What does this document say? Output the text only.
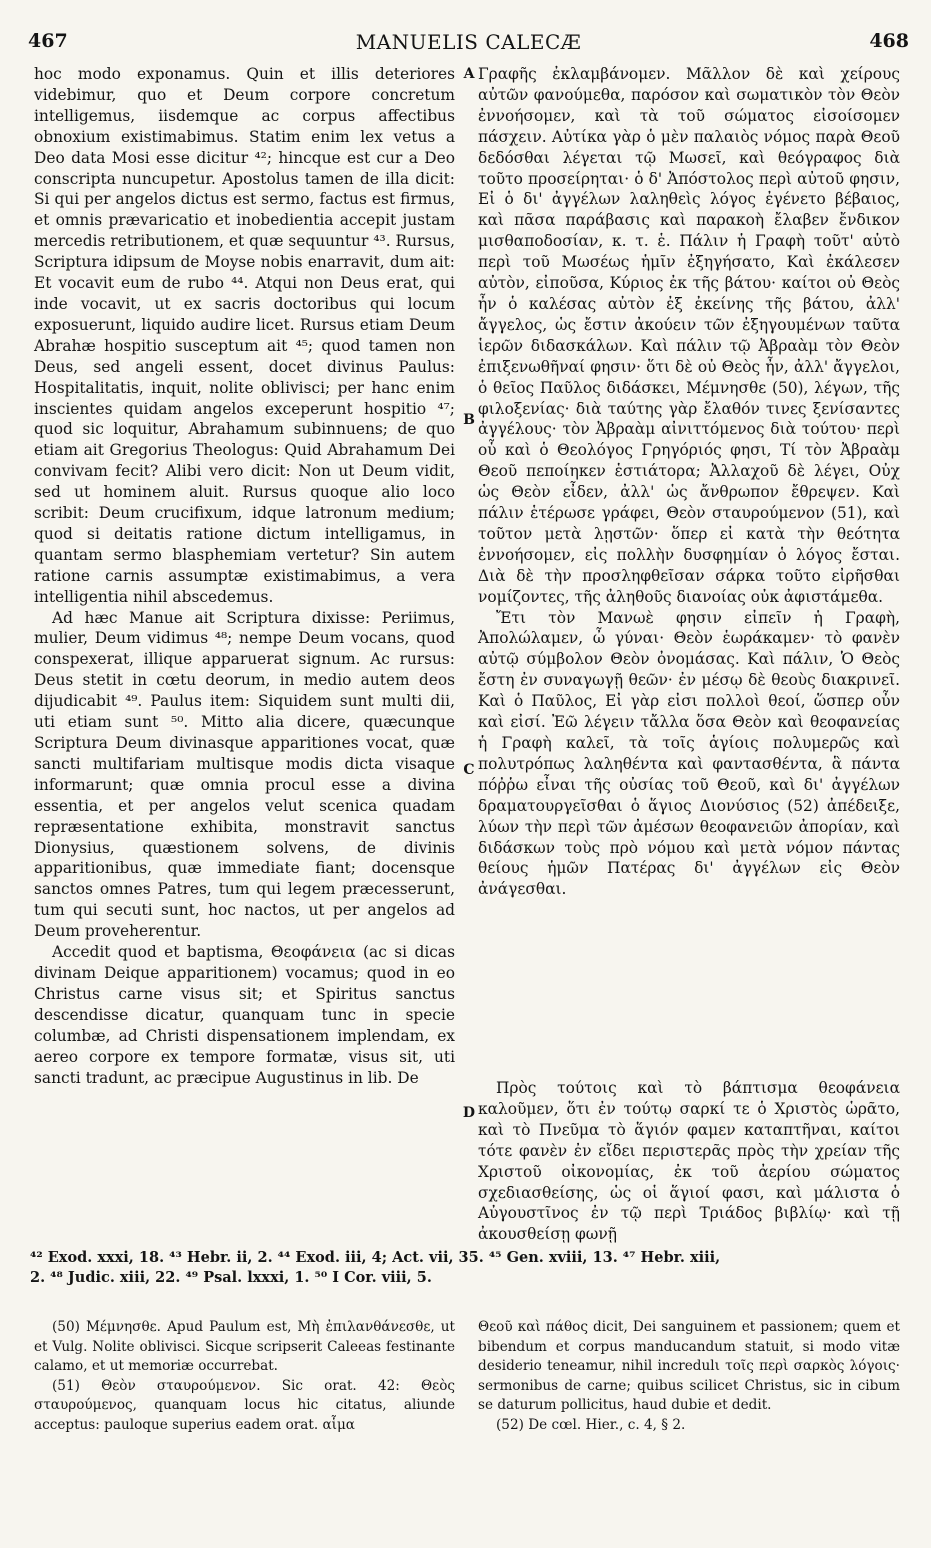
467	MANUELIS CALECÆ	468

hoc modo exponamus. Quin et illis deteriores videbimur, quo et Deum corpore concretum intelligemus, iisdemque ac corpus affectibus obnoxium existimabimus. Statim enim lex vetus a Deo data Mosi esse dicitur ⁴²; hincque est cur a Deo conscripta nuncupetur. Apostolus tamen de illa dicit: Si qui per angelos dictus est sermo, factus est firmus, et omnis prævaricatio et inobedientia accepit justam mercedis retributionem, et quæ sequuntur ⁴³. Rursus, Scriptura idipsum de Moyse nobis enarravit, dum ait: Et vocavit eum de rubo ⁴⁴. Atqui non Deus erat, qui inde vocavit, ut ex sacris doctoribus qui locum exposuerunt, liquido audire licet. Rursus etiam Deum Abrahæ hospitio susceptum ait ⁴⁵; quod tamen non Deus, sed angeli essent, docet divinus Paulus: Hospitalitatis, inquit, nolite oblivisci; per hanc enim inscientes quidam angelos exceperunt hospitio ⁴⁷; quod sic loquitur, Abrahamum subinnuens; de quo etiam ait Gregorius Theologus: Quid Abrahamum Dei convivam fecit? Alibi vero dicit: Non ut Deum vidit, sed ut hominem aluit. Rursus quoque alio loco scribit: Deum crucifixum, idque latronum medium; quod si deitatis ratione dictum intelligamus, in quantam sermo blasphemiam vertetur? Sin autem ratione carnis assumptæ existimabimus, a vera intelligentia nihil abscedemus.

Ad hæc Manue ait Scriptura dixisse: Periimus, mulier, Deum vidimus ⁴⁸; nempe Deum vocans, quod conspexerat, illique apparuerat signum. Ac rursus: Deus stetit in cœtu deorum, in medio autem deos dijudicabit ⁴⁹. Paulus item: Siquidem sunt multi dii, uti etiam sunt ⁵⁰. Mitto alia dicere, quæcunque Scriptura Deum divinasque apparitiones vocat, quæ sancti multifariam multisque modis dicta visaque informarunt; quæ omnia procul esse a divina essentia, et per angelos velut scenica quadam repræsentatione exhibita, monstravit sanctus Dionysius, quæstionem solvens, de divinis apparitionibus, quæ immediate fiant; docensque sanctos omnes Patres, tum qui legem præcesserunt, tum qui secuti sunt, hoc nactos, ut per angelos ad Deum proveherentur.

Accedit quod et baptisma, Θεοφάνεια (ac si dicas divinam Deique apparitionem) vocamus; quod in eo Christus carne visus sit; et Spiritus sanctus descendisse dicatur, quanquam tunc in specie columbæ, ad Christi dispensationem implendam, ex aereo corpore ex tempore formatæ, visus sit, uti sancti tradunt, ac præcipue Augustinus in lib. De

A
B
C
D

Γραφῆς ἐκλαμβάνομεν. Μᾶλλον δὲ καὶ χείρους αὐτῶν φανούμεθα, παρόσον καὶ σωματικὸν τὸν Θεὸν ἐννοήσομεν, καὶ τὰ τοῦ σώματος εἰσοίσομεν πάσχειν. Αὐτίκα γὰρ ὁ μὲν παλαιὸς νόμος παρὰ Θεοῦ δεδόσθαι λέγεται τῷ Μωσεῖ, καὶ θεόγραφος διὰ τοῦτο προσείρηται· ὁ δ' Ἀπόστολος περὶ αὐτοῦ φησιν, Εἰ ὁ δι' ἀγγέλων λαληθεὶς λόγος ἐγένετο βέβαιος, καὶ πᾶσα παράβασις καὶ παρακοὴ ἔλαβεν ἔνδικον μισθαποδοσίαν, κ. τ. ἑ. Πάλιν ἡ Γραφὴ τοῦτ' αὐτὸ περὶ τοῦ Μωσέως ἡμῖν ἐξηγήσατο, Καὶ ἐκάλεσεν αὐτὸν, εἰποῦσα, Κύριος ἐκ τῆς βάτου· καίτοι οὐ Θεὸς ἦν ὁ καλέσας αὐτὸν ἐξ ἐκείνης τῆς βάτου, ἀλλ' ἄγγελος, ὡς ἔστιν ἀκούειν τῶν ἐξηγουμένων ταῦτα ἱερῶν διδασκάλων. Καὶ πάλιν τῷ Ἀβραὰμ τὸν Θεὸν ἐπιξενωθῆναί φησιν· ὅτι δὲ οὐ Θεὸς ἦν, ἀλλ' ἄγγελοι, ὁ θεῖος Παῦλος διδάσκει, Μέμνησθε (50), λέγων, τῆς φιλοξενίας· διὰ ταύτης γὰρ ἔλαθόν τινες ξενίσαντες ἀγγέλους· τὸν Ἀβραὰμ αἰνιττόμενος διὰ τούτου· περὶ οὗ καὶ ὁ Θεολόγος Γρηγόριός φησι, Τί τὸν Ἀβραὰμ Θεοῦ πεποίηκεν ἑστιάτορα; Ἀλλαχοῦ δὲ λέγει, Οὐχ ὡς Θεὸν εἶδεν, ἀλλ' ὡς ἄνθρωπον ἔθρεψεν. Καὶ πάλιν ἑτέρωσε γράφει, Θεὸν σταυρούμενον (51), καὶ τοῦτον μετὰ λῃστῶν· ὅπερ εἰ κατὰ τὴν θεότητα ἐννοήσομεν, εἰς πολλὴν δυσφημίαν ὁ λόγος ἔσται. Διὰ δὲ τὴν προσληφθεῖσαν σάρκα τοῦτο εἰρῆσθαι νομίζοντες, τῆς ἀληθοῦς διανοίας οὐκ ἀφιστάμεθα.

Ἔτι τὸν Μανωὲ φησιν εἰπεῖν ἡ Γραφὴ, Ἀπολώλαμεν, ὦ γύναι· Θεὸν ἑωράκαμεν· τὸ φανὲν αὐτῷ σύμβολον Θεὸν ὀνομάσας. Καὶ πάλιν, Ὁ Θεὸς ἔστη ἐν συναγωγῇ θεῶν· ἐν μέσῳ δὲ θεοὺς διακρινεῖ. Καὶ ὁ Παῦλος, Εἰ γὰρ εἰσι πολλοὶ θεοί, ὥσπερ οὖν καὶ εἰσί. Ἐῶ λέγειν τἄλλα ὅσα Θεὸν καὶ θεοφανείας ἡ Γραφὴ καλεῖ, τὰ τοῖς ἁγίοις πολυμερῶς καὶ πολυτρόπως λαληθέντα καὶ φαντασθέντα, ἃ πάντα πόῤῥω εἶναι τῆς οὐσίας τοῦ Θεοῦ, καὶ δι' ἀγγέλων δραματουργεῖσθαι ὁ ἅγιος Διονύσιος (52) ἀπέδειξε, λύων τὴν περὶ τῶν ἀμέσων θεοφανειῶν ἀπορίαν, καὶ διδάσκων τοὺς πρὸ νόμου καὶ μετὰ νόμον πάντας θείους ἡμῶν Πατέρας δι' ἀγγέλων εἰς Θεὸν ἀνάγεσθαι.

Πρὸς τούτοις καὶ τὸ βάπτισμα θεοφάνεια καλοῦμεν, ὅτι ἐν τούτῳ σαρκί τε ὁ Χριστὸς ὡρᾶτο, καὶ τὸ Πνεῦμα τὸ ἅγιόν φαμεν καταπτῆναι, καίτοι τότε φανὲν ἐν εἴδει περιστερᾶς πρὸς τὴν χρείαν τῆς Χριστοῦ οἰκονομίας, ἐκ τοῦ ἀερίου σώματος σχεδιασθείσης, ὡς οἱ ἅγιοί φασι, καὶ μάλιστα ὁ Αὐγουστῖνος ἐν τῷ περὶ Τριάδος βιβλίῳ· καὶ τῇ ἀκουσθείσῃ φωνῇ

⁴² Exod. xxxi, 18. ⁴³ Hebr. ii, 2. ⁴⁴ Exod. iii, 4; Act. vii, 35. ⁴⁵ Gen. xviii, 13. ⁴⁷ Hebr. xiii,
2. ⁴⁸ Judic. xiii, 22. ⁴⁹ Psal. lxxxi, 1. ⁵⁰ I Cor. viii, 5.

(50) Μέμνησθε. Apud Paulum est, Μὴ ἐπιλανθάνεσθε, ut et Vulg. Nolite oblivisci. Sicque scripserit Caleeas festinante calamo, et ut memoriæ occurrebat.

(51) Θεὸν σταυρούμενον. Sic orat. 42: Θεὸς σταυρούμενος, quanquam locus hic citatus, aliunde acceptus: pauloque superius eadem orat. αἷμα

Θεοῦ καὶ πάθος dicit, Dei sanguinem et passionem; quem et bibendum et corpus manducandum statuit, si modo vitæ desiderio teneamur, nihil incredulι τοῖς περὶ σαρκὸς λόγοις· sermonibus de carne; quibus scilicet Christus, sic in cibum se daturum pollicitus, haud dubie et dedit.

(52) De cœl. Hier., c. 4, § 2.
